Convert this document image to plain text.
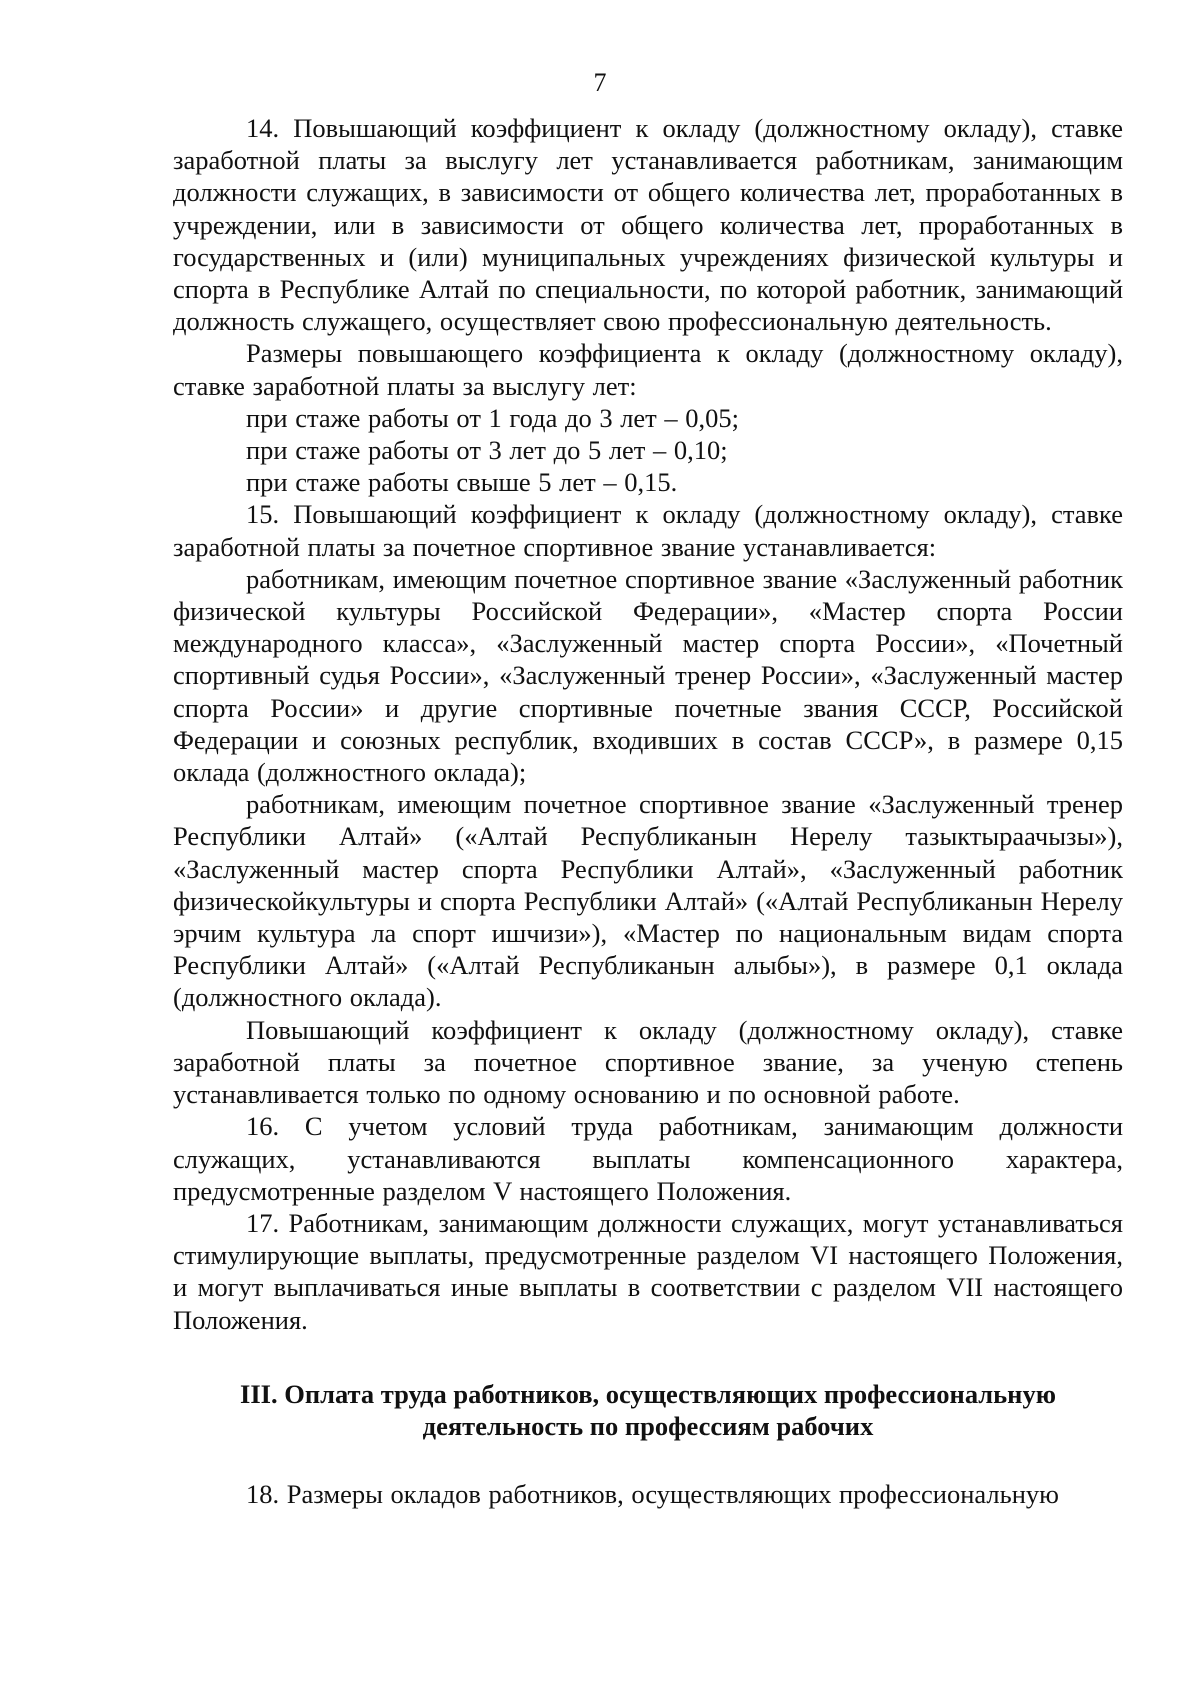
7

14. Повышающий коэффициент к окладу (должностному окладу), ставке заработной платы за выслугу лет устанавливается работникам, занимающим должности служащих, в зависимости от общего количества лет, проработанных в учреждении, или в зависимости от общего количества лет, проработанных в государственных и (или) муниципальных учреждениях физической культуры и спорта в Республике Алтай по специальности, по которой работник, занимающий должность служащего, осуществляет свою профессиональную деятельность.

Размеры повышающего коэффициента к окладу (должностному окладу), ставке заработной платы за выслугу лет:

при стаже работы от 1 года до 3 лет – 0,05;

при стаже работы от 3 лет до 5 лет – 0,10;

при стаже работы свыше 5 лет – 0,15.

15. Повышающий коэффициент к окладу (должностному окладу), ставке заработной платы за почетное спортивное звание устанавливается:

работникам, имеющим почетное спортивное звание «Заслуженный работник физической культуры Российской Федерации», «Мастер спорта России международного класса», «Заслуженный мастер спорта России», «Почетный спортивный судья России», «Заслуженный тренер России», «Заслуженный мастер спорта России» и другие спортивные почетные звания СССР, Российской Федерации и союзных республик, входивших в состав СССР», в размере 0,15 оклада (должностного оклада);

работникам, имеющим почетное спортивное звание «Заслуженный тренер Республики Алтай» («Алтай Республиканын Нерелу тазыктыраачызы»), «Заслуженный мастер спорта Республики Алтай», «Заслуженный работник физическойкультуры и спорта Республики Алтай» («Алтай Республиканын Нерелу эрчим культура ла спорт ишчизи»), «Мастер по национальным видам спорта Республики Алтай» («Алтай Республиканын алыбы»), в размере 0,1 оклада (должностного оклада).

Повышающий коэффициент к окладу (должностному окладу), ставке заработной платы за почетное спортивное звание, за ученую степень устанавливается только по одному основанию и по основной работе.

16. С учетом условий труда работникам, занимающим должности служащих, устанавливаются выплаты компенсационного характера, предусмотренные разделом V настоящего Положения.

17. Работникам, занимающим должности служащих, могут устанавливаться стимулирующие выплаты, предусмотренные разделом VI настоящего Положения, и могут выплачиваться иные выплаты в соответствии с разделом VII настоящего Положения.

III. Оплата труда работников, осуществляющих профессиональную
деятельность по профессиям рабочих

18. Размеры окладов работников, осуществляющих профессиональную
